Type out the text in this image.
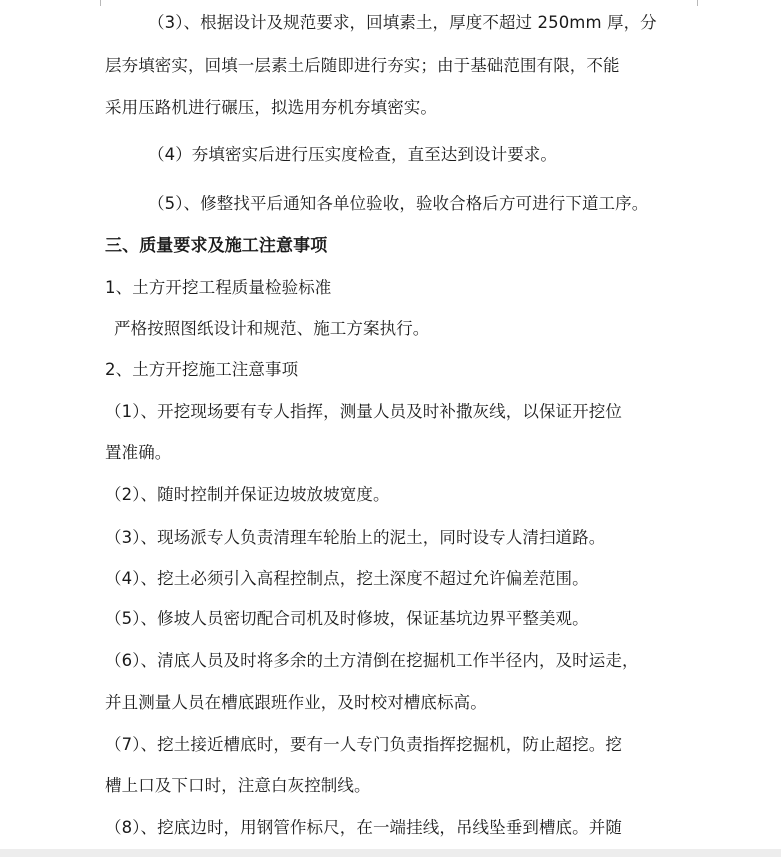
（3）、根据设计及规范要求，回填素土，厚度不超过 250mm 厚，分
层夯填密实，回填一层素土后随即进行夯实；由于基础范围有限，不能
采用压路机进行碾压，拟选用夯机夯填密实。
（4）夯填密实后进行压实度检查，直至达到设计要求。
（5）、修整找平后通知各单位验收，验收合格后方可进行下道工序。
三、质量要求及施工注意事项
1、土方开挖工程质量检验标准
严格按照图纸设计和规范、施工方案执行。
2、土方开挖施工注意事项
（1）、开挖现场要有专人指挥，测量人员及时补撒灰线，以保证开挖位
置准确。
（2）、随时控制并保证边坡放坡宽度。
（3）、现场派专人负责清理车轮胎上的泥土，同时设专人清扫道路。
（4）、挖土必须引入高程控制点，挖土深度不超过允许偏差范围。
（5）、修坡人员密切配合司机及时修坡，保证基坑边界平整美观。
（6）、清底人员及时将多余的土方清倒在挖掘机工作半径内，及时运走，
并且测量人员在槽底跟班作业，及时校对槽底标高。
（7）、挖土接近槽底时，要有一人专门负责指挥挖掘机，防止超挖。挖
槽上口及下口时，注意白灰控制线。
（8）、挖底边时，用钢管作标尺，在一端挂线，吊线坠垂到槽底。并随
